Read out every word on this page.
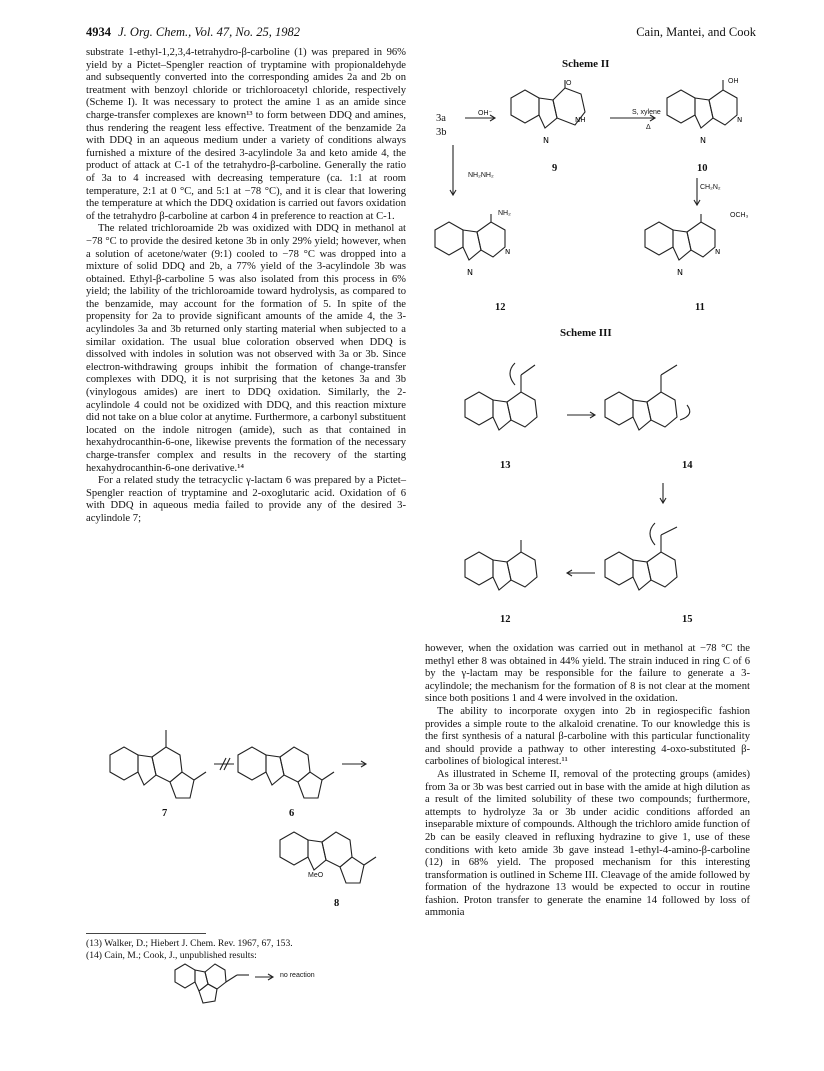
4934 J. Org. Chem., Vol. 47, No. 25, 1982	Cain, Mantei, and Cook

substrate 1-ethyl-1,2,3,4-tetrahydro-β-carboline (1) was prepared in 96% yield by a Pictet–Spengler reaction of tryptamine with propionaldehyde and subsequently converted into the corresponding amides 2a and 2b on treatment with benzoyl chloride or trichloroacetyl chloride, respectively (Scheme I). It was necessary to protect the amine 1 as an amide since charge-transfer complexes are known¹³ to form between DDQ and amines, thus rendering the reagent less effective. Treatment of the benzamide 2a with DDQ in an aqueous medium under a variety of conditions always furnished a mixture of the desired 3-acylindole 3a and keto amide 4, the product of attack at C-1 of the tetrahydro-β-carboline. Generally the ratio of 3a to 4 increased with decreasing temperature (ca. 1:1 at room temperature, 2:1 at 0 °C, and 5:1 at −78 °C), and it is clear that lowering the temperature at which the DDQ oxidation is carried out favors oxidation of the tetrahydro β-carboline at carbon 4 in preference to reaction at C-1.

The related trichloroamide 2b was oxidized with DDQ in methanol at −78 °C to provide the desired ketone 3b in only 29% yield; however, when a solution of acetone/water (9:1) cooled to −78 °C was dropped into a mixture of solid DDQ and 2b, a 77% yield of the 3-acylindole 3b was obtained. Ethyl-β-carboline 5 was also isolated from this process in 6% yield; the lability of the trichloroamide toward hydrolysis, as compared to the benzamide, may account for the formation of 5. In spite of the propensity for 2a to provide significant amounts of the amide 4, the 3-acylindoles 3a and 3b returned only starting material when subjected to a similar oxidation. The usual blue coloration observed when DDQ is dissolved with indoles in solution was not observed with 3a or 3b. Since electron-withdrawing groups inhibit the formation of change-transfer complexes with DDQ, it is not surprising that the ketones 3a and 3b (vinylogous amides) are inert to DDQ oxidation. Similarly, the 2-acylindole 4 could not be oxidized with DDQ, and this reaction mixture did not take on a blue color at anytime. Furthermore, a carbonyl substituent located on the indole nitrogen (amide), such as that contained in hexahydrocanthin-6-one, likewise prevents the formation of the necessary charge-transfer complex and results in the recovery of the starting hexahydrocanthin-6-one derivative.¹⁴

For a related study the tetracyclic γ-lactam 6 was prepared by a Pictet–Spengler reaction of tryptamine and 2-oxoglutaric acid. Oxidation of 6 with DDQ in aqueous media failed to provide any of the desired 3-acylindole 7;

Scheme II
3a
3b
OH⁻	S, xylene
Δ
NH₂NH₂
CH₂N₂
O	OH
OCH₃
NH₂
9	10
12	11
N
NH
N
N
N
N
N
N
Scheme III
13	14
12	15
7	6
8
MeO

however, when the oxidation was carried out in methanol at −78 °C the methyl ether 8 was obtained in 44% yield. The strain induced in ring C of 6 by the γ-lactam may be responsible for the failure to generate a 3-acylindole; the mechanism for the formation of 8 is not clear at the moment since both positions 1 and 4 were involved in the oxidation.

The ability to incorporate oxygen into 2b in regiospecific fashion provides a simple route to the alkaloid crenatine. To our knowledge this is the first synthesis of a natural β-carboline with this particular functionality and should provide a pathway to other interesting 4-oxo-substituted β-carbolines of biological interest.¹¹

As illustrated in Scheme II, removal of the protecting groups (amides) from 3a or 3b was best carried out in base with the amide at high dilution as a result of the limited solubility of these two compounds; furthermore, attempts to hydrolyze 3a or 3b under acidic conditions afforded an inseparable mixture of compounds. Although the trichloro amide function of 2b can be easily cleaved in refluxing hydrazine to give 1, use of these conditions with keto amide 3b gave instead 1-ethyl-4-amino-β-carboline (12) in 68% yield. The proposed mechanism for this interesting transformation is outlined in Scheme III. Cleavage of the amide followed by formation of the hydrazone 13 would be expected to occur in routine fashion. Proton transfer to generate the enamine 14 followed by loss of ammonia

(13) Walker, D.; Hiebert J. Chem. Rev. 1967, 67, 153.

(14) Cain, M.; Cook, J., unpublished results:

no reaction
